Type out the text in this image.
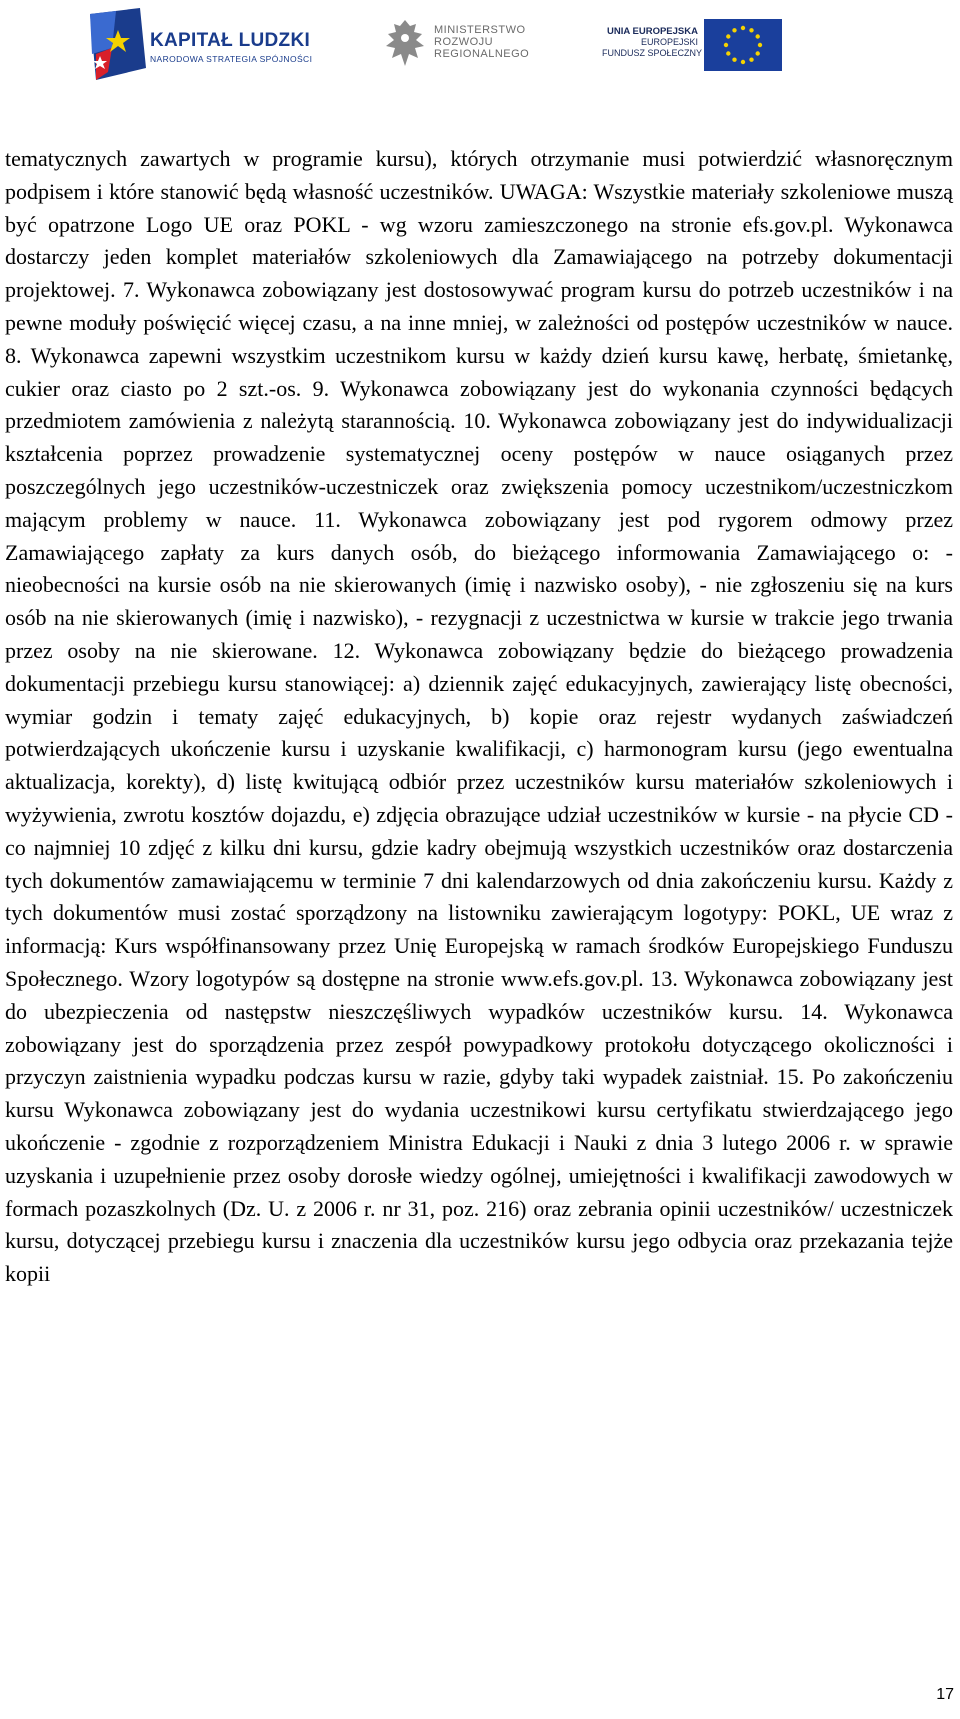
KAPITAŁ LUDZKI
NARODOWA STRATEGIA SPÓJNOŚCI
MINISTERSTWO
ROZWOJU
REGIONALNEGO
UNIA EUROPEJSKA
EUROPEJSKI
FUNDUSZ SPOŁECZNY

tematycznych zawartych w programie kursu), których otrzymanie musi potwierdzić własnoręcznym podpisem i które stanowić będą własność uczestników. UWAGA: Wszystkie materiały szkoleniowe muszą być opatrzone Logo UE oraz POKL - wg wzoru zamieszczonego na stronie efs.gov.pl. Wykonawca dostarczy jeden komplet materiałów szkoleniowych dla Zamawiającego na potrzeby dokumentacji projektowej. 7. Wykonawca zobowiązany jest dostosowywać program kursu do potrzeb uczestników i na pewne moduły poświęcić więcej czasu, a na inne mniej, w zależności od postępów uczestników w nauce. 8. Wykonawca zapewni wszystkim uczestnikom kursu w każdy dzień kursu kawę, herbatę, śmietankę, cukier oraz ciasto po 2 szt.-os. 9. Wykonawca zobowiązany jest do wykonania czynności będących przedmiotem zamówienia z należytą starannością. 10. Wykonawca zobowiązany jest do indywidualizacji kształcenia poprzez prowadzenie systematycznej oceny postępów w nauce osiąganych przez poszczególnych jego uczestników-uczestniczek oraz zwiększenia pomocy uczestnikom/uczestniczkom mającym problemy w nauce. 11. Wykonawca zobowiązany jest pod rygorem odmowy przez Zamawiającego zapłaty za kurs danych osób, do bieżącego informowania Zamawiającego o: - nieobecności na kursie osób na nie skierowanych (imię i nazwisko osoby), - nie zgłoszeniu się na kurs osób na nie skierowanych (imię i nazwisko), - rezygnacji z uczestnictwa w kursie w trakcie jego trwania przez osoby na nie skierowane. 12. Wykonawca zobowiązany będzie do bieżącego prowadzenia dokumentacji przebiegu kursu stanowiącej: a) dziennik zajęć edukacyjnych, zawierający listę obecności, wymiar godzin i tematy zajęć edukacyjnych, b) kopie oraz rejestr wydanych zaświadczeń potwierdzających ukończenie kursu i uzyskanie kwalifikacji, c) harmonogram kursu (jego ewentualna aktualizacja, korekty), d) listę kwitującą odbiór przez uczestników kursu materiałów szkoleniowych i wyżywienia, zwrotu kosztów dojazdu, e) zdjęcia obrazujące udział uczestników w kursie - na płycie CD - co najmniej 10 zdjęć z kilku dni kursu, gdzie kadry obejmują wszystkich uczestników oraz dostarczenia tych dokumentów zamawiającemu w terminie 7 dni kalendarzowych od dnia zakończeniu kursu. Każdy z tych dokumentów musi zostać sporządzony na listowniku zawierającym logotypy: POKL, UE wraz z informacją: Kurs współfinansowany przez Unię Europejską w ramach środków Europejskiego Funduszu Społecznego. Wzory logotypów są dostępne na stronie www.efs.gov.pl. 13. Wykonawca zobowiązany jest do ubezpieczenia od następstw nieszczęśliwych wypadków uczestników kursu. 14. Wykonawca zobowiązany jest do sporządzenia przez zespół powypadkowy protokołu dotyczącego okoliczności i przyczyn zaistnienia wypadku podczas kursu w razie, gdyby taki wypadek zaistniał. 15. Po zakończeniu kursu Wykonawca zobowiązany jest do wydania uczestnikowi kursu certyfikatu stwierdzającego jego ukończenie - zgodnie z rozporządzeniem Ministra Edukacji i Nauki z dnia 3 lutego 2006 r. w sprawie uzyskania i uzupełnienie przez osoby dorosłe wiedzy ogólnej, umiejętności i kwalifikacji zawodowych w formach pozaszkolnych (Dz. U. z 2006 r. nr 31, poz. 216) oraz zebrania opinii uczestników/ uczestniczek kursu, dotyczącej przebiegu kursu i znaczenia dla uczestników kursu jego odbycia oraz przekazania tejże kopii

17
